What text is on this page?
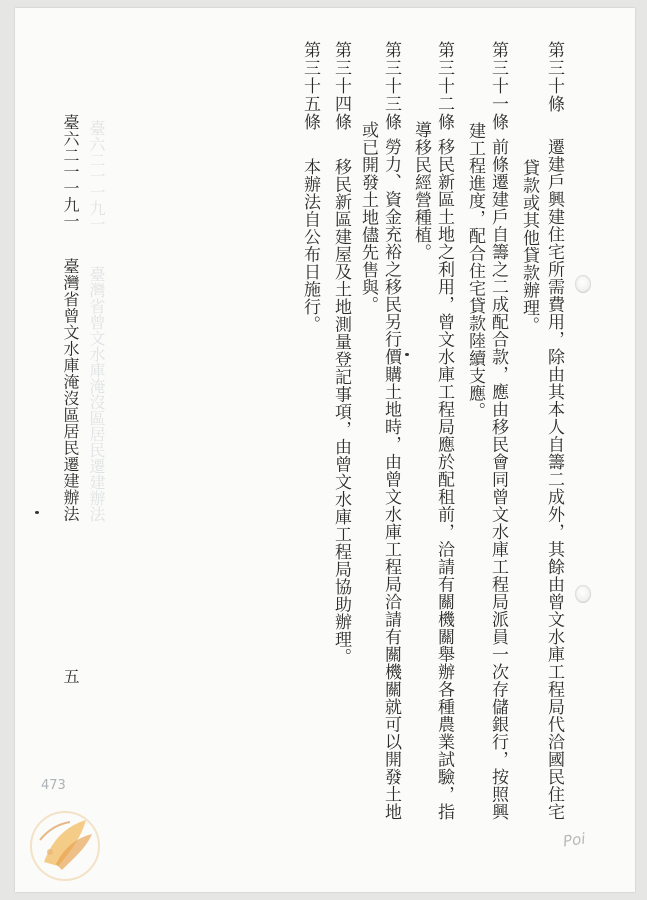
臺六二一一九一
臺灣省曾文水庫淹沒區居民遷建辦法
第三十條
遷建戶興建住宅所需費用，除由其本人自籌二成外，其餘由曾文水庫工程局代洽國民住宅
貸款或其他貸款辦理。
第三十一條
前條遷建戶自籌之二成配合款，應由移民會同曾文水庫工程局派員一次存儲銀行，按照興
建工程進度，配合住宅貸款陸續支應。
第三十二條
移民新區土地之利用，曾文水庫工程局應於配租前，洽請有關機關舉辦各種農業試驗，指
導移民經營種植。
第三十三條
勞力、資金充裕之移民另行價購土地時，由曾文水庫工程局洽請有關機關就可以開發土地
或已開發土地儘先售與。
第三十四條
移民新區建屋及土地測量登記事項，由曾文水庫工程局協助辦理。
第三十五條
本辦法自公布日施行。
臺六二一一九一
臺灣省曾文水庫淹沒區居民遷建辦法
五
473
Poi
